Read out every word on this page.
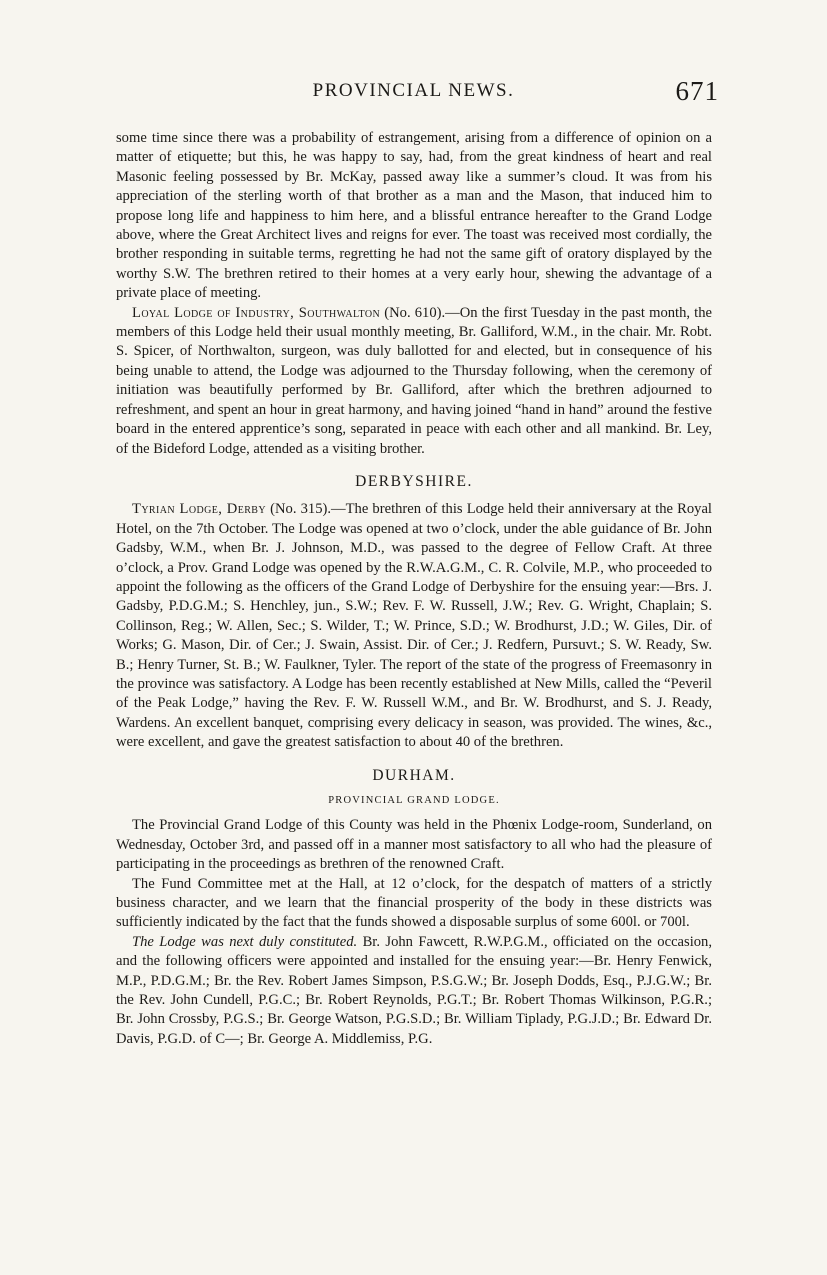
PROVINCIAL NEWS.	671

some time since there was a probability of estrangement, arising from a difference of opinion on a matter of etiquette; but this, he was happy to say, had, from the great kindness of heart and real Masonic feeling possessed by Br. McKay, passed away like a summer’s cloud. It was from his appreciation of the sterling worth of that brother as a man and the Mason, that induced him to propose long life and happiness to him here, and a blissful entrance hereafter to the Grand Lodge above, where the Great Architect lives and reigns for ever. The toast was received most cordially, the brother responding in suitable terms, regretting he had not the same gift of oratory displayed by the worthy S.W. The brethren retired to their homes at a very early hour, shewing the advantage of a private place of meeting.

Loyal Lodge of Industry, Southwalton (No. 610).—On the first Tuesday in the past month, the members of this Lodge held their usual monthly meeting, Br. Galliford, W.M., in the chair. Mr. Robt. S. Spicer, of Northwalton, surgeon, was duly ballotted for and elected, but in consequence of his being unable to attend, the Lodge was adjourned to the Thursday following, when the ceremony of initiation was beautifully performed by Br. Galliford, after which the brethren adjourned to refreshment, and spent an hour in great harmony, and having joined “hand in hand” around the festive board in the entered apprentice’s song, separated in peace with each other and all mankind. Br. Ley, of the Bideford Lodge, attended as a visiting brother.

DERBYSHIRE.

Tyrian Lodge, Derby (No. 315).—The brethren of this Lodge held their anniversary at the Royal Hotel, on the 7th October. The Lodge was opened at two o’clock, under the able guidance of Br. John Gadsby, W.M., when Br. J. Johnson, M.D., was passed to the degree of Fellow Craft. At three o’clock, a Prov. Grand Lodge was opened by the R.W.A.G.M., C. R. Colvile, M.P., who proceeded to appoint the following as the officers of the Grand Lodge of Derbyshire for the ensuing year:—Brs. J. Gadsby, P.D.G.M.; S. Henchley, jun., S.W.; Rev. F. W. Russell, J.W.; Rev. G. Wright, Chaplain; S. Collinson, Reg.; W. Allen, Sec.; S. Wilder, T.; W. Prince, S.D.; W. Brodhurst, J.D.; W. Giles, Dir. of Works; G. Mason, Dir. of Cer.; J. Swain, Assist. Dir. of Cer.; J. Redfern, Pursuvt.; S. W. Ready, Sw. B.; Henry Turner, St. B.; W. Faulkner, Tyler. The report of the state of the progress of Freemasonry in the province was satisfactory. A Lodge has been recently established at New Mills, called the “Peveril of the Peak Lodge,” having the Rev. F. W. Russell W.M., and Br. W. Brodhurst, and S. J. Ready, Wardens. An excellent banquet, comprising every delicacy in season, was provided. The wines, &c., were excellent, and gave the greatest satisfaction to about 40 of the brethren.

DURHAM.
PROVINCIAL GRAND LODGE.

The Provincial Grand Lodge of this County was held in the Phœnix Lodge-room, Sunderland, on Wednesday, October 3rd, and passed off in a manner most satisfactory to all who had the pleasure of participating in the proceedings as brethren of the renowned Craft.

The Fund Committee met at the Hall, at 12 o’clock, for the despatch of matters of a strictly business character, and we learn that the financial prosperity of the body in these districts was sufficiently indicated by the fact that the funds showed a disposable surplus of some 600l. or 700l.

The Lodge was next duly constituted. Br. John Fawcett, R.W.P.G.M., officiated on the occasion, and the following officers were appointed and installed for the ensuing year:—Br. Henry Fenwick, M.P., P.D.G.M.; Br. the Rev. Robert James Simpson, P.S.G.W.; Br. Joseph Dodds, Esq., P.J.G.W.; Br. the Rev. John Cundell, P.G.C.; Br. Robert Reynolds, P.G.T.; Br. Robert Thomas Wilkinson, P.G.R.; Br. John Crossby, P.G.S.; Br. George Watson, P.G.S.D.; Br. William Tiplady, P.G.J.D.; Br. Edward Dr. Davis, P.G.D. of C—; Br. George A. Middlemiss, P.G.
